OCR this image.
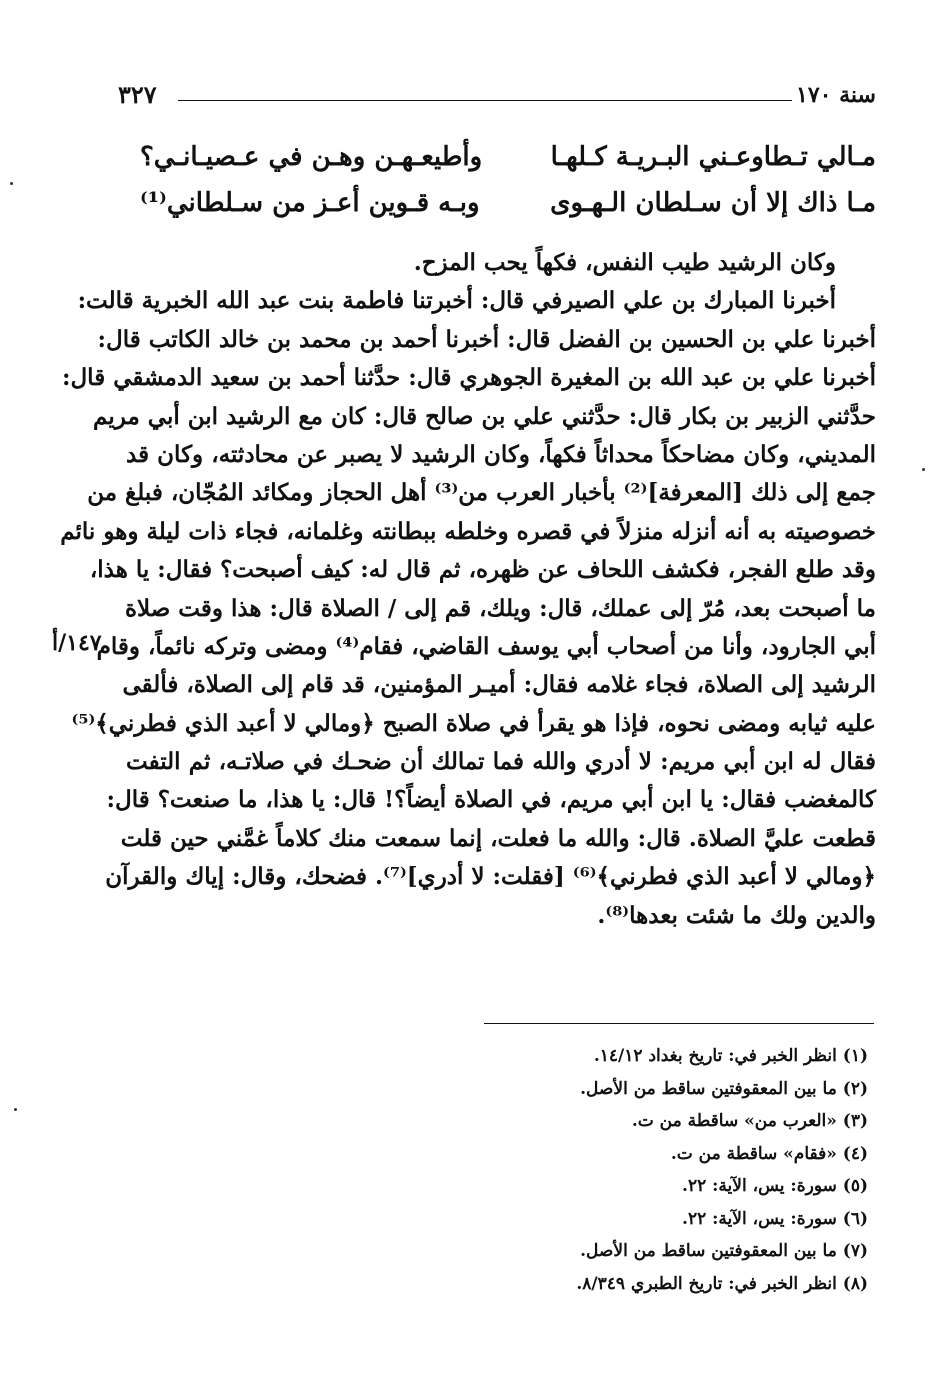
سنة ١٧٠
٣٢٧
مـالي تـطاوعـني البـريـة كـلهـا
وأطيعـهـن وهـن في عـصيـانـي؟
مـا ذاك إلا أن سـلطان الـهـوى
وبـه قـوين أعـز من سـلطاني⁽¹⁾
وكان الرشيد طيب النفس، فكهاً يحب المزح.
أخبرنا المبارك بن علي الصيرفي قال: أخبرتنا فاطمة بنت عبد الله الخبرية قالت:
أخبرنا علي بن الحسين بن الفضل قال: أخبرنا أحمد بن محمد بن خالد الكاتب قال:
أخبرنا علي بن عبد الله بن المغيرة الجوهري قال: حدَّثنا أحمد بن سعيد الدمشقي قال:
حدَّثني الزبير بن بكار قال: حدَّثني علي بن صالح قال: كان مع الرشيد ابن أبي مريم
المديني، وكان مضاحكاً محداثاً فكهاً، وكان الرشيد لا يصبر عن محادثته، وكان قد
جمع إلى ذلك [المعرفة]⁽²⁾ بأخبار العرب من⁽³⁾ أهل الحجاز ومكائد المُجّان، فبلغ من
خصوصيته به أنه أنزله منزلاً في قصره وخلطه ببطانته وغلمانه، فجاء ذات ليلة وهو نائم
وقد طلع الفجر، فكشف اللحاف عن ظهره، ثم قال له: كيف أصبحت؟ فقال: يا هذا،
ما أصبحت بعد، مُرّ إلى عملك، قال: ويلك، قم إلى / الصلاة قال: هذا وقت صلاة
أبي الجارود، وأنا من أصحاب أبي يوسف القاضي، فقام⁽⁴⁾ ومضى وتركه نائماً، وقام
الرشيد إلى الصلاة، فجاء غلامه فقال: أميـر المؤمنين، قد قام إلى الصلاة، فألقى
عليه ثيابه ومضى نحوه، فإذا هو يقرأ في صلاة الصبح ﴿ومالي لا أعبد الذي فطرني﴾⁽⁵⁾
فقال له ابن أبي مريم: لا أدري والله فما تمالك أن ضحـك في صلاتـه، ثم التفت
كالمغضب فقال: يا ابن أبي مريم، في الصلاة أيضاً؟! قال: يا هذا، ما صنعت؟ قال:
قطعت عليَّ الصلاة. قال: والله ما فعلت، إنما سمعت منك كلاماً غمَّني حين قلت
﴿ومالي لا أعبد الذي فطرني﴾⁽⁶⁾ [فقلت: لا أدري]⁽⁷⁾. فضحك، وقال: إياك والقرآن
والدين ولك ما شئت بعدها⁽⁸⁾.
١٤٧/أ
(١) انظر الخبر في: تاريخ بغداد ١٤/١٢.
(٢) ما بين المعقوفتين ساقط من الأصل.
(٣) «العرب من» ساقطة من ت.
(٤) «فقام» ساقطة من ت.
(٥) سورة: يس، الآية: ٢٢.
(٦) سورة: يس، الآية: ٢٢.
(٧) ما بين المعقوفتين ساقط من الأصل.
(٨) انظر الخبر في: تاريخ الطبري ٨/٣٤٩.
